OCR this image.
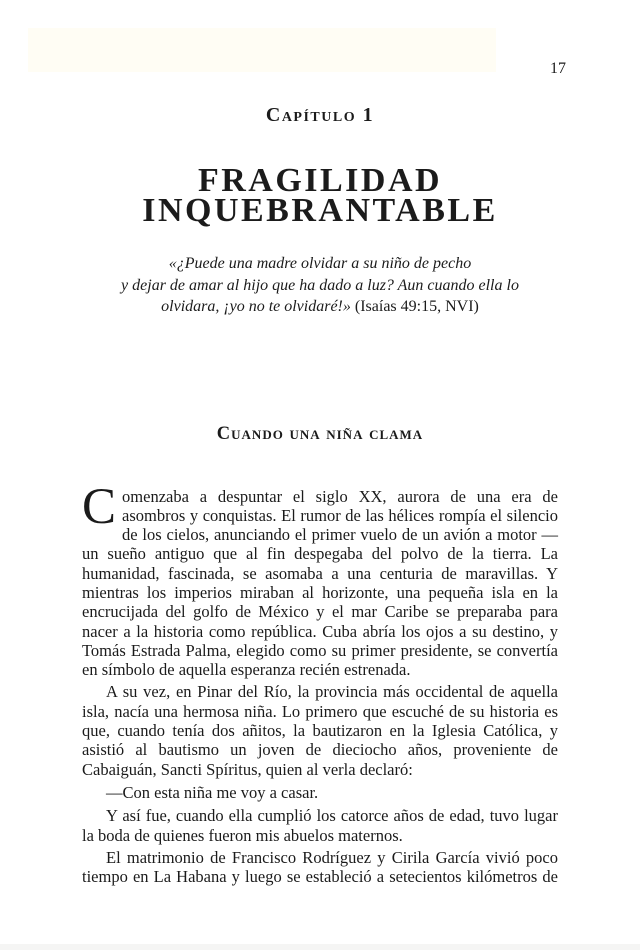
17
Capítulo 1
FRAGILIDAD
INQUEBRANTABLE
«¿Puede una madre olvidar a su niño de pecho
y dejar de amar al hijo que ha dado a luz? Aun cuando ella lo
olvidara, ¡yo no te olvidaré!» (Isaías 49:15, NVI)
Cuando una niña clama

Comenzaba a despuntar el siglo XX, aurora de una era de asombros y conquistas. El rumor de las hélices rompía el silencio de los cielos, anunciando el primer vuelo de un avión a motor —un sueño antiguo que al fin despegaba del polvo de la tierra. La humanidad, fascinada, se asomaba a una centuria de maravillas. Y mientras los imperios miraban al horizonte, una pequeña isla en la encrucijada del golfo de México y el mar Caribe se preparaba para nacer a la historia como república. Cuba abría los ojos a su destino, y Tomás Estrada Palma, elegido como su primer presidente, se convertía en símbolo de aquella esperanza recién estrenada.

A su vez, en Pinar del Río, la provincia más occidental de aquella isla, nacía una hermosa niña. Lo primero que escuché de su historia es que, cuando tenía dos añitos, la bautizaron en la Iglesia Católica, y asistió al bautismo un joven de dieciocho años, proveniente de Cabaiguán, Sancti Spíritus, quien al verla declaró:

—Con esta niña me voy a casar.

Y así fue, cuando ella cumplió los catorce años de edad, tuvo lugar la boda de quienes fueron mis abuelos maternos.

El matrimonio de Francisco Rodríguez y Cirila García vivió poco tiempo en La Habana y luego se estableció a setecientos kilómetros de
